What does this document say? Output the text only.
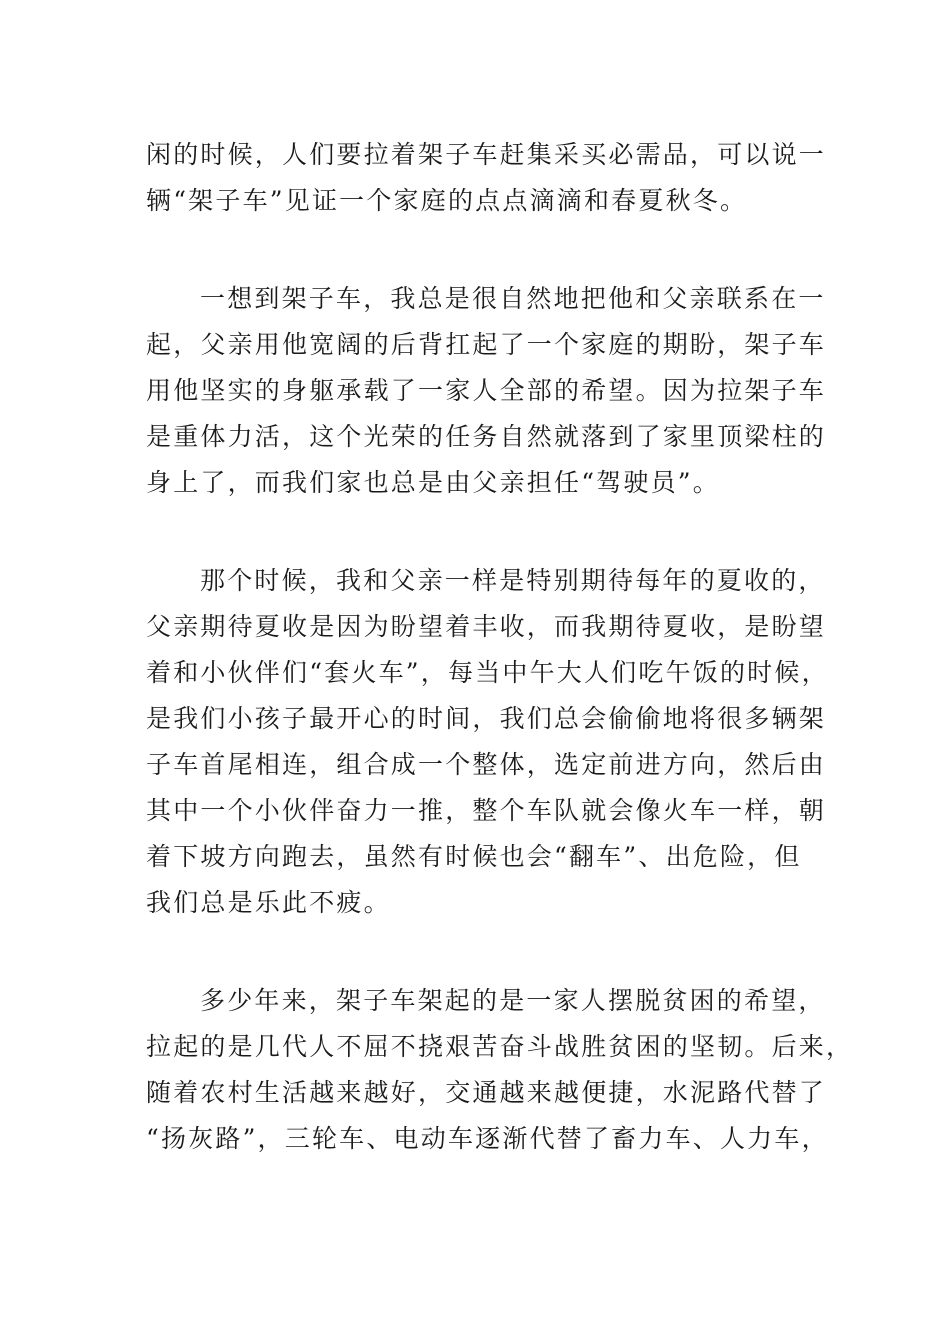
闲的时候，人们要拉着架子车赶集采买必需品，可以说一
辆“架子车”见证一个家庭的点点滴滴和春夏秋冬。
一想到架子车，我总是很自然地把他和父亲联系在一
起，父亲用他宽阔的后背扛起了一个家庭的期盼，架子车
用他坚实的身躯承载了一家人全部的希望。因为拉架子车
是重体力活，这个光荣的任务自然就落到了家里顶梁柱的
身上了，而我们家也总是由父亲担任“驾驶员”。
那个时候，我和父亲一样是特别期待每年的夏收的，
父亲期待夏收是因为盼望着丰收，而我期待夏收，是盼望
着和小伙伴们“套火车”，每当中午大人们吃午饭的时候，
是我们小孩子最开心的时间，我们总会偷偷地将很多辆架
子车首尾相连，组合成一个整体，选定前进方向，然后由
其中一个小伙伴奋力一推，整个车队就会像火车一样，朝
着下坡方向跑去，虽然有时候也会“翻车”、出危险，但
我们总是乐此不疲。
多少年来，架子车架起的是一家人摆脱贫困的希望，
拉起的是几代人不屈不挠艰苦奋斗战胜贫困的坚韧。后来，
随着农村生活越来越好，交通越来越便捷，水泥路代替了
“扬灰路”，三轮车、电动车逐渐代替了畜力车、人力车，
